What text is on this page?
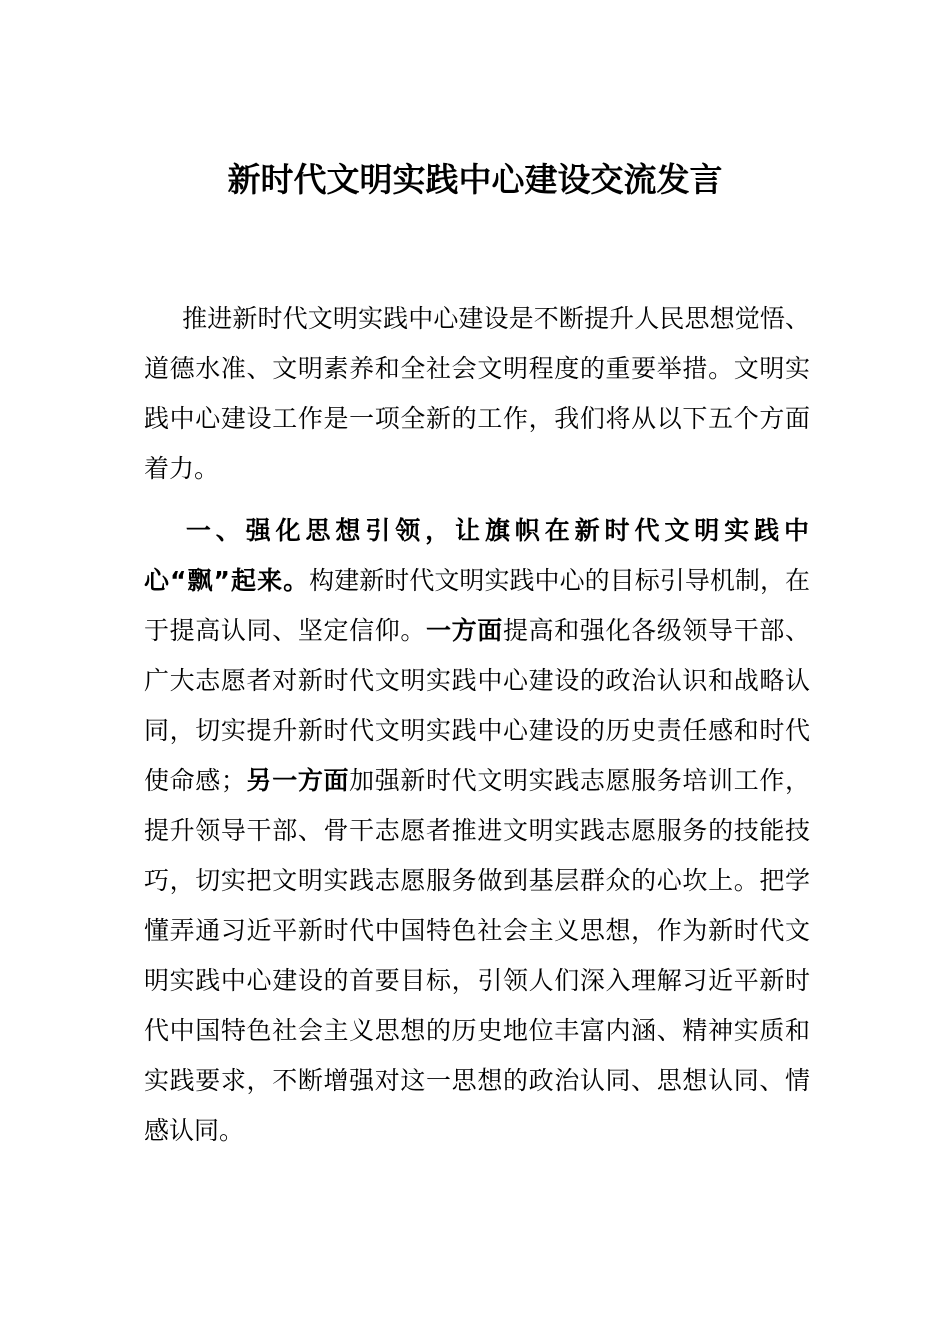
新时代文明实践中心建设交流发言

推进新时代文明实践中心建设是不断提升人民思想觉悟、道德水准、文明素养和全社会文明程度的重要举措。文明实践中心建设工作是一项全新的工作，我们将从以下五个方面着力。

一、强化思想引领，让旗帜在新时代文明实践中心“飘”起来。构建新时代文明实践中心的目标引导机制，在于提高认同、坚定信仰。一方面提高和强化各级领导干部、广大志愿者对新时代文明实践中心建设的政治认识和战略认同，切实提升新时代文明实践中心建设的历史责任感和时代使命感；另一方面加强新时代文明实践志愿服务培训工作，提升领导干部、骨干志愿者推进文明实践志愿服务的技能技巧，切实把文明实践志愿服务做到基层群众的心坎上。把学懂弄通习近平新时代中国特色社会主义思想，作为新时代文明实践中心建设的首要目标，引领人们深入理解习近平新时代中国特色社会主义思想的历史地位丰富内涵、精神实质和实践要求，不断增强对这一思想的政治认同、思想认同、情感认同。
